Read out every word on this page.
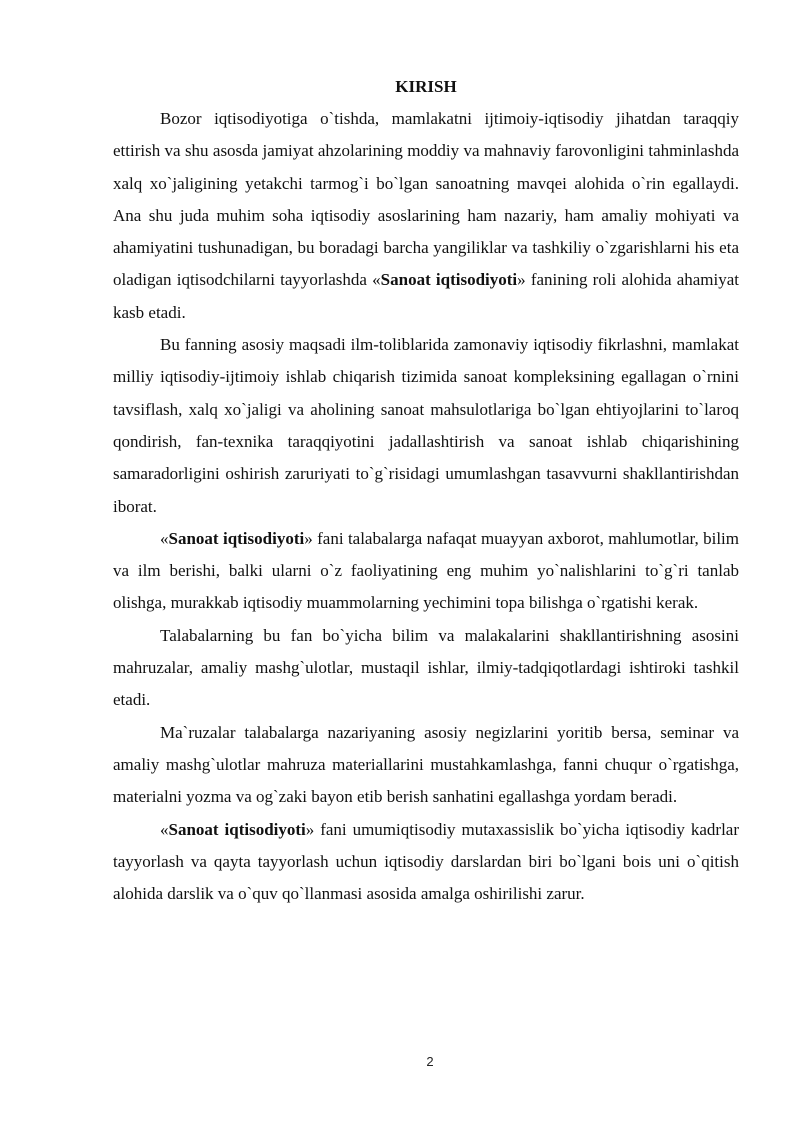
KIRISH

Bozor iqtisodiyotiga o`tishda, mamlakatni ijtimoiy-iqtisodiy jihatdan taraqqiy ettirish va shu asosda jamiyat ahzolarining moddiy va mahnaviy farovonligini tahminlashda xalq xo`jaligining yetakchi tarmog`i bo`lgan sanoatning mavqei alohida o`rin egallaydi. Ana shu juda muhim soha iqtisodiy asoslarining ham nazariy, ham amaliy mohiyati va ahamiyatini tushunadigan, bu boradagi barcha yangiliklar va tashkiliy o`zgarishlarni his eta oladigan iqtisodchilarni tayyorlashda «Sanoat iqtisodiyoti» fanining roli alohida ahamiyat kasb etadi.

Bu fanning asosiy maqsadi ilm-toliblarida zamonaviy iqtisodiy fikrlashni, mamlakat milliy iqtisodiy-ijtimoiy ishlab chiqarish tizimida sanoat kompleksining egallagan o`rnini tavsiflash, xalq xo`jaligi va aholining sanoat mahsulotlariga bo`lgan ehtiyojlarini to`laroq qondirish, fan-texnika taraqqiyotini jadallashtirish va sanoat ishlab chiqarishining samaradorligini oshirish zaruriyati to`g`risidagi umumlashgan tasavvurni shakllantirishdan iborat.

«Sanoat iqtisodiyoti» fani talabalarga nafaqat muayyan axborot, mahlumotlar, bilim va ilm berishi, balki ularni o`z faoliyatining eng muhim yo`nalishlarini to`g`ri tanlab olishga, murakkab iqtisodiy muammolarning yechimini topa bilishga o`rgatishi kerak.

Talabalarning bu fan bo`yicha bilim va malakalarini shakllantirishning asosini mahruzalar, amaliy mashg`ulotlar, mustaqil ishlar, ilmiy-tadqiqotlardagi ishtiroki tashkil etadi.

Ma`ruzalar talabalarga nazariyaning asosiy negizlarini yoritib bersa, seminar va amaliy mashg`ulotlar mahruza materiallarini mustahkamlashga, fanni chuqur o`rgatishga, materialni yozma va og`zaki bayon etib berish sanhatini egallashga yordam beradi.

«Sanoat iqtisodiyoti» fani umumiqtisodiy mutaxassislik bo`yicha iqtisodiy kadrlar tayyorlash va qayta tayyorlash uchun iqtisodiy darslardan biri bo`lgani bois uni o`qitish alohida darslik va o`quv qo`llanmasi asosida amalga oshirilishi zarur.

2
